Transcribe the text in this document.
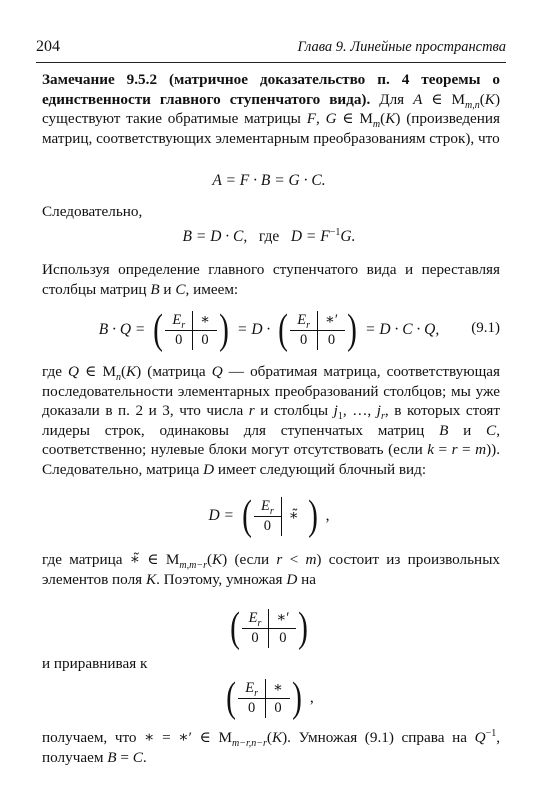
204	Глава 9. Линейные пространства
Замечание 9.5.2 (матричное доказательство п. 4 теоремы о единственности главного ступенчатого вида). Для A ∈ $M_{m,n}(K)$ существуют такие обратимые матрицы F, G ∈ $M_m(K)$ (произведения матриц, соответствующих элементарным преобразованиям строк), что
A = F · B = G · C.
Следовательно,
B = D · C, где $D = F^{-1}G$.
Используя определение главного ступенчатого вида и переставляя столбцы матриц B и C, имеем:
B · Q = ( $E_r$	∗
0	0 ) = D · ( $E_r$	∗′
0	0 ) = D · C · Q, (9.1)
где Q ∈ $M_n(K)$ (матрица Q — обратимая матрица, соответствующая последовательности элементарных преобразований столбцов; мы уже доказали в п. 2 и 3, что числа r и столбцы $j_1$, …, $j_r$, в которых стоят лидеры строк, одинаковы для ступенчатых матриц B и C, соответственно; нулевые блоки могут отсутствовать (если k = r = m)). Следовательно, матрица D имеет следующий блочный вид:
D = ( $E_r$	∗̃
0 ) ,
где матрица ∗̃ ∈ $M_{m,m-r}(K)$ (если r < m) состоит из произвольных элементов поля K. Поэтому, умножая D на
( $E_r$	∗′
0	0 )
и приравнивая к
( $E_r$	∗
0	0 ) ,
получаем, что ∗ = ∗′ ∈ $M_{m-r,n-r}(K)$. Умножая (9.1) справа на $Q^{-1}$, получаем B = C.
